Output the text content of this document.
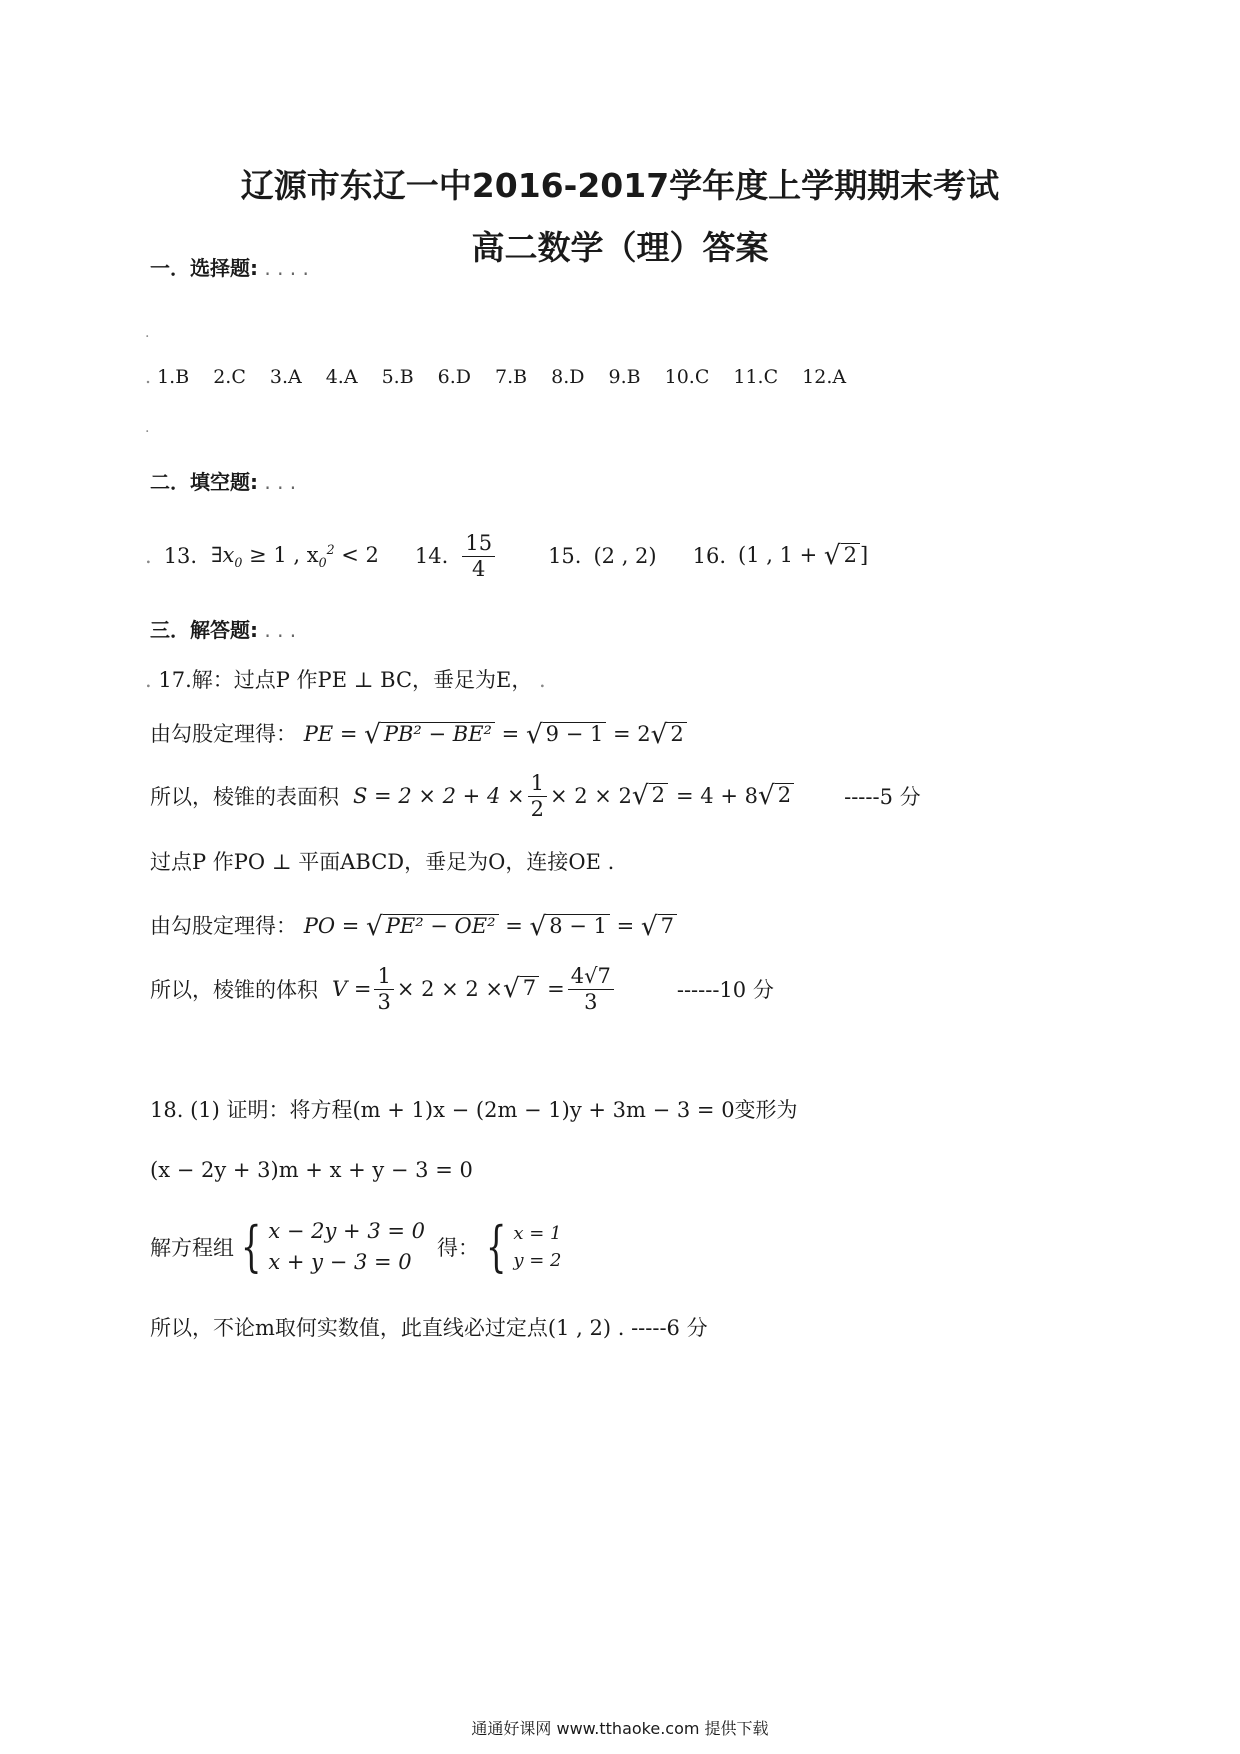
辽源市东辽一中2016-2017学年度上学期期末考试
高二数学（理）答案
一．选择题: . . . .
.
. 1.B 2.C 3.A 4.A 5.B 6.D 7.B 8.D 9.B 10.C 11.C 12.A
.
二．填空题: . . .
. 13. $\exists x_0 \ge 1$ , $x_0^2 < 2$ 14. $\frac{15}{4}$	15. (2 , 2) 16. (1 , 1 + √ 2 ]
三．解答题: . . .
. 17.解：过点P 作PE ⊥ BC，垂足为E， .
由勾股定理得： PE = √ PB² − BE² = √ 9 − 1 = 2√ 2
所以，棱锥的表面积 $S = 2 \times 2 + 4 \times \frac{1}{2} \times 2 \times 2$ √ 2 = 4 + 8 √ 2	-----5 分
过点P 作PO ⊥ 平面ABCD，垂足为O，连接OE .
由勾股定理得： PO = √ PE² − OE² = √ 8 − 1 = √ 7
所以，棱锥的体积 $V = \frac{1}{3} \times 2 \times 2$ × √ $7 = \frac{4√7}{3}$	------10 分
18. (1) 证明：将方程(m + 1)x − (2m − 1)y + 3m − 3 = 0变形为
(x − 2y + 3)m + x + y − 3 = 0
解方程组 { x − 2y + 3 = 0
x + y − 3 = 0
得： { x = 1
y = 2
所以，不论m取何实数值，此直线必过定点(1 , 2) . -----6 分
通通好课网 www.tthaoke.com 提供下载
